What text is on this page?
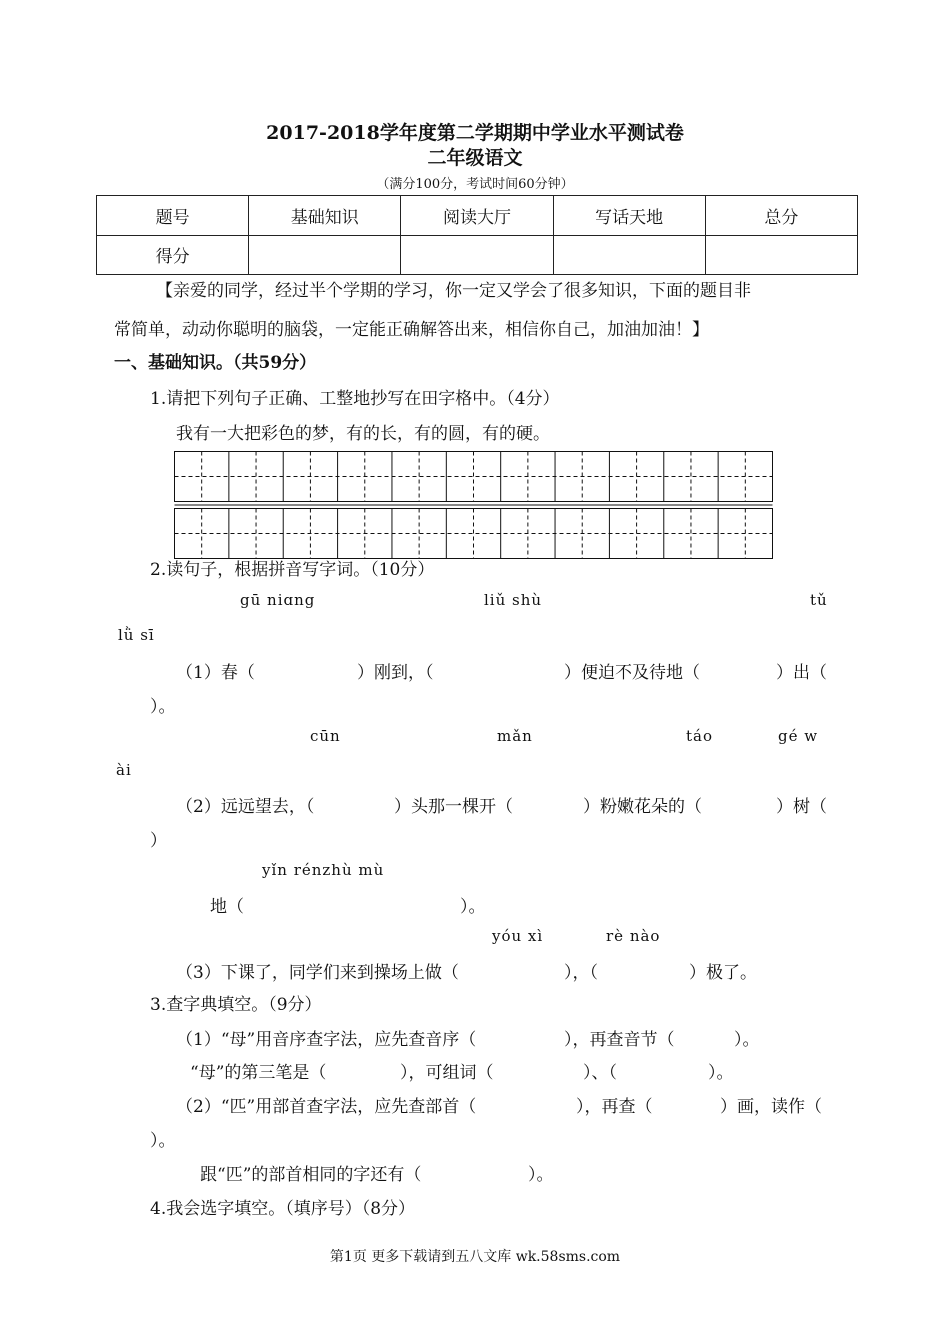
2017-2018学年度第二学期期中学业水平测试卷
二年级语文
（满分100分，考试时间60分钟）
题号	基础知识	阅读大厅	写话天地	总分
得分				
【亲爱的同学，经过半个学期的学习，你一定又学会了很多知识，下面的题目非
常简单，动动你聪明的脑袋，一定能正确解答出来，相信你自己，加油加油！】
一、基础知识。（共59分）
1.请把下列句子正确、工整地抄写在田字格中。（4分）
我有一大把彩色的梦，有的长，有的圆，有的硬。
2.读句子，根据拼音写字词。（10分）
gū niɑng	liǔ shù	tǔ
lǜ sī
（1）春（	）刚到，（	）便迫不及待地（	）出（
）。
cūn	mǎn	táo	gé w
ài
（2）远远望去，（	）头那一棵开（	）粉嫩花朵的（	）树（
）
yǐn rénzhù mù
地（	）。
yóu xì	rè nào
（3）下课了，同学们来到操场上做（	），（	）极了。
3.查字典填空。（9分）
（1）“母”用音序查字法，应先查音序（	），再查音节（	）。
“母”的第三笔是（	），可组词（	）、（	）。
（2）“匹”用部首查字法，应先查部首（	），再查（	）画，读作（
）。
跟“匹”的部首相同的字还有（	）。
4.我会选字填空。（填序号）（8分）
第1页 更多下载请到五八文库 wk.58sms.com
